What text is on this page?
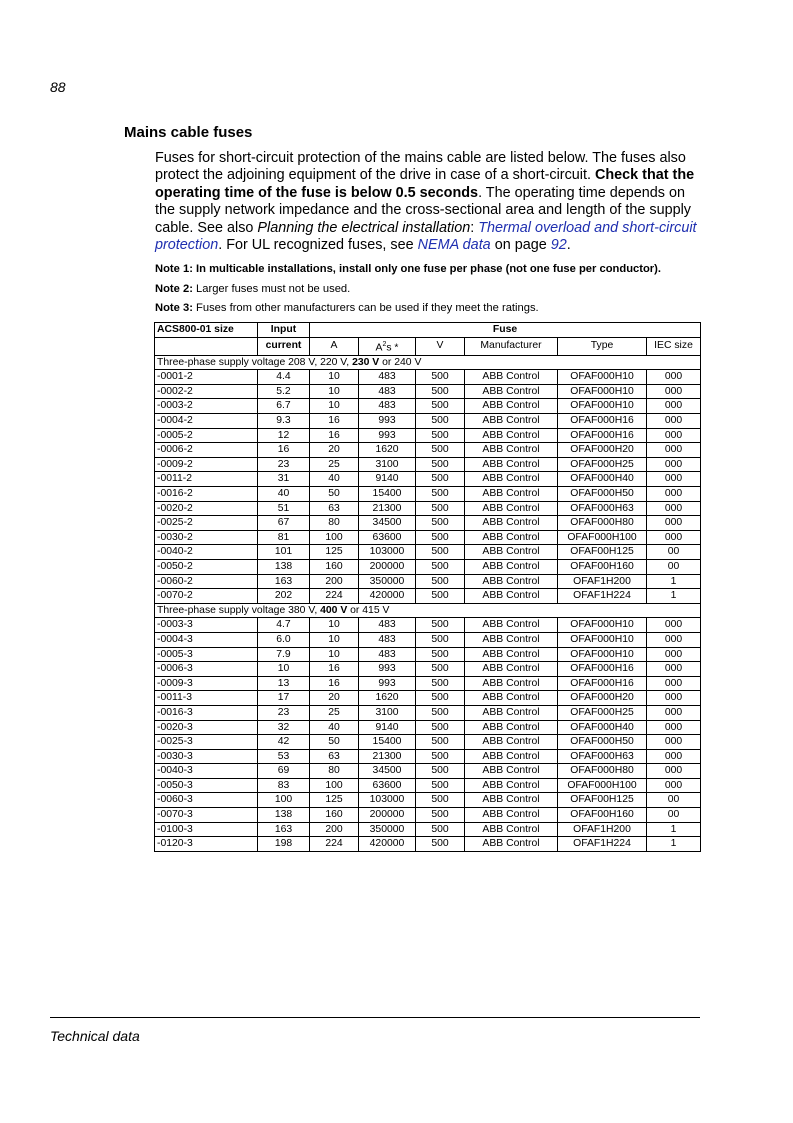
88
Mains cable fuses
Fuses for short-circuit protection of the mains cable are listed below. The fuses also protect the adjoining equipment of the drive in case of a short-circuit. Check that the operating time of the fuse is below 0.5 seconds. The operating time depends on the supply network impedance and the cross-sectional area and length of the supply cable. See also Planning the electrical installation: Thermal overload and short-circuit protection. For UL recognized fuses, see NEMA data on page 92.
Note 1: In multicable installations, install only one fuse per phase (not one fuse per conductor).
Note 2: Larger fuses must not be used.
Note 3: Fuses from other manufacturers can be used if they meet the ratings.
ACS800-01 size	Input	Fuse					
	current	A	$A^2s$ *	V	Manufacturer	Type	IEC size
Three-phase supply voltage 208 V, 220 V, 230 V or 240 V							
-0001-2	4.4	10	483	500	ABB Control	OFAF000H10	000
-0002-2	5.2	10	483	500	ABB Control	OFAF000H10	000
-0003-2	6.7	10	483	500	ABB Control	OFAF000H10	000
-0004-2	9.3	16	993	500	ABB Control	OFAF000H16	000
-0005-2	12	16	993	500	ABB Control	OFAF000H16	000
-0006-2	16	20	1620	500	ABB Control	OFAF000H20	000
-0009-2	23	25	3100	500	ABB Control	OFAF000H25	000
-0011-2	31	40	9140	500	ABB Control	OFAF000H40	000
-0016-2	40	50	15400	500	ABB Control	OFAF000H50	000
-0020-2	51	63	21300	500	ABB Control	OFAF000H63	000
-0025-2	67	80	34500	500	ABB Control	OFAF000H80	000
-0030-2	81	100	63600	500	ABB Control	OFAF000H100	000
-0040-2	101	125	103000	500	ABB Control	OFAF00H125	00
-0050-2	138	160	200000	500	ABB Control	OFAF00H160	00
-0060-2	163	200	350000	500	ABB Control	OFAF1H200	1
-0070-2	202	224	420000	500	ABB Control	OFAF1H224	1
Three-phase supply voltage 380 V, 400 V or 415 V							
-0003-3	4.7	10	483	500	ABB Control	OFAF000H10	000
-0004-3	6.0	10	483	500	ABB Control	OFAF000H10	000
-0005-3	7.9	10	483	500	ABB Control	OFAF000H10	000
-0006-3	10	16	993	500	ABB Control	OFAF000H16	000
-0009-3	13	16	993	500	ABB Control	OFAF000H16	000
-0011-3	17	20	1620	500	ABB Control	OFAF000H20	000
-0016-3	23	25	3100	500	ABB Control	OFAF000H25	000
-0020-3	32	40	9140	500	ABB Control	OFAF000H40	000
-0025-3	42	50	15400	500	ABB Control	OFAF000H50	000
-0030-3	53	63	21300	500	ABB Control	OFAF000H63	000
-0040-3	69	80	34500	500	ABB Control	OFAF000H80	000
-0050-3	83	100	63600	500	ABB Control	OFAF000H100	000
-0060-3	100	125	103000	500	ABB Control	OFAF00H125	00
-0070-3	138	160	200000	500	ABB Control	OFAF00H160	00
-0100-3	163	200	350000	500	ABB Control	OFAF1H200	1
-0120-3	198	224	420000	500	ABB Control	OFAF1H224	1
Technical data
